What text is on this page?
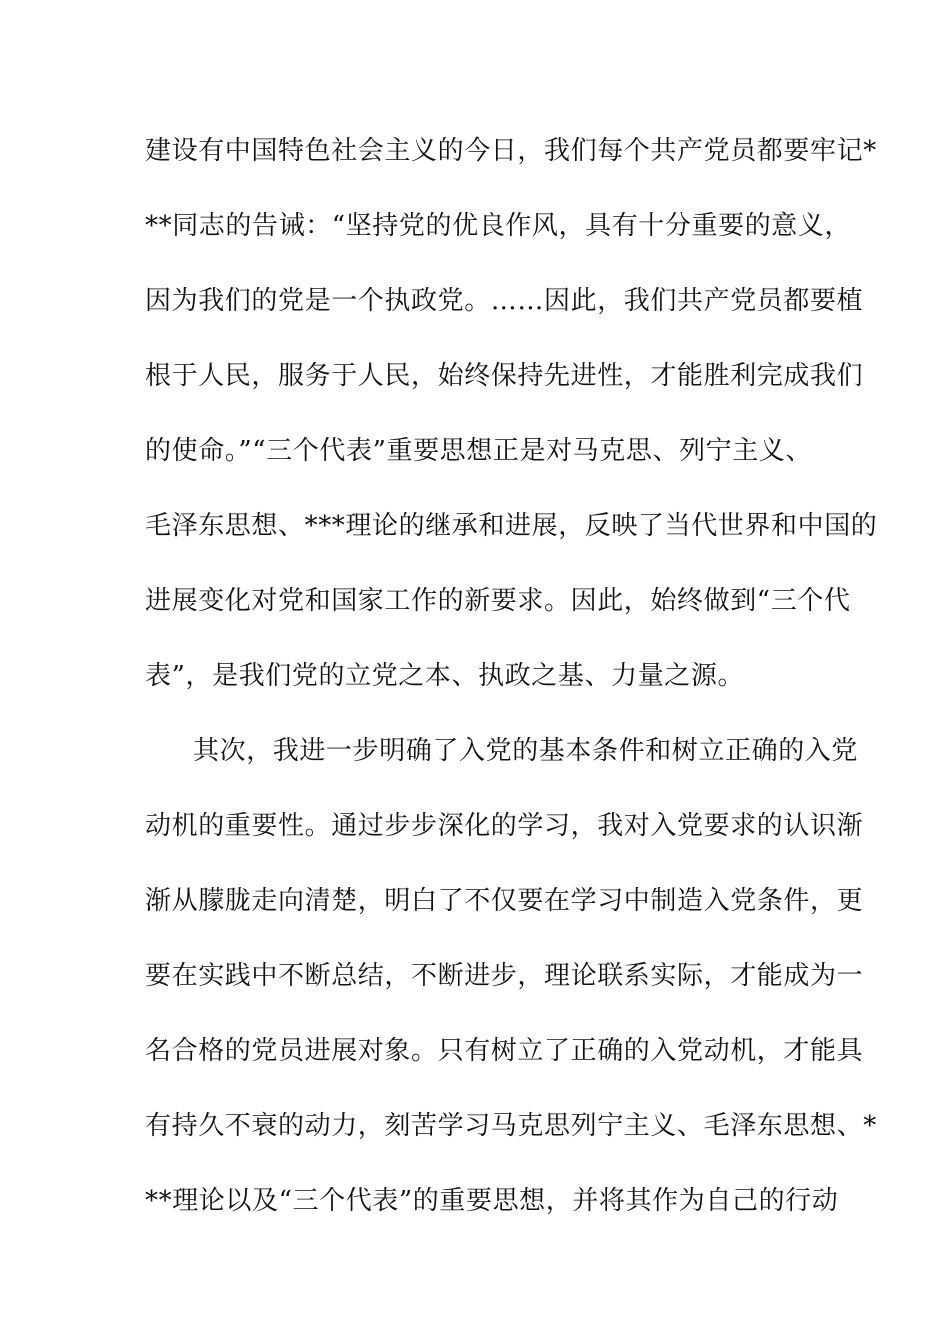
建设有中国特色社会主义的今日，我们每个共产党员都要牢记*
**同志的告诫：“坚持党的优良作风，具有十分重要的意义，
因为我们的党是一个执政党。……因此，我们共产党员都要植
根于人民，服务于人民，始终保持先进性，才能胜利完成我们
的使命。”“三个代表”重要思想正是对马克思、列宁主义、
毛泽东思想、***理论的继承和进展，反映了当代世界和中国的
进展变化对党和国家工作的新要求。因此，始终做到“三个代
表”，是我们党的立党之本、执政之基、力量之源。
其次，我进一步明确了入党的基本条件和树立正确的入党
动机的重要性。通过步步深化的学习，我对入党要求的认识渐
渐从朦胧走向清楚，明白了不仅要在学习中制造入党条件，更
要在实践中不断总结，不断进步，理论联系实际，才能成为一
名合格的党员进展对象。只有树立了正确的入党动机，才能具
有持久不衰的动力，刻苦学习马克思列宁主义、毛泽东思想、*
**理论以及“三个代表”的重要思想，并将其作为自己的行动
